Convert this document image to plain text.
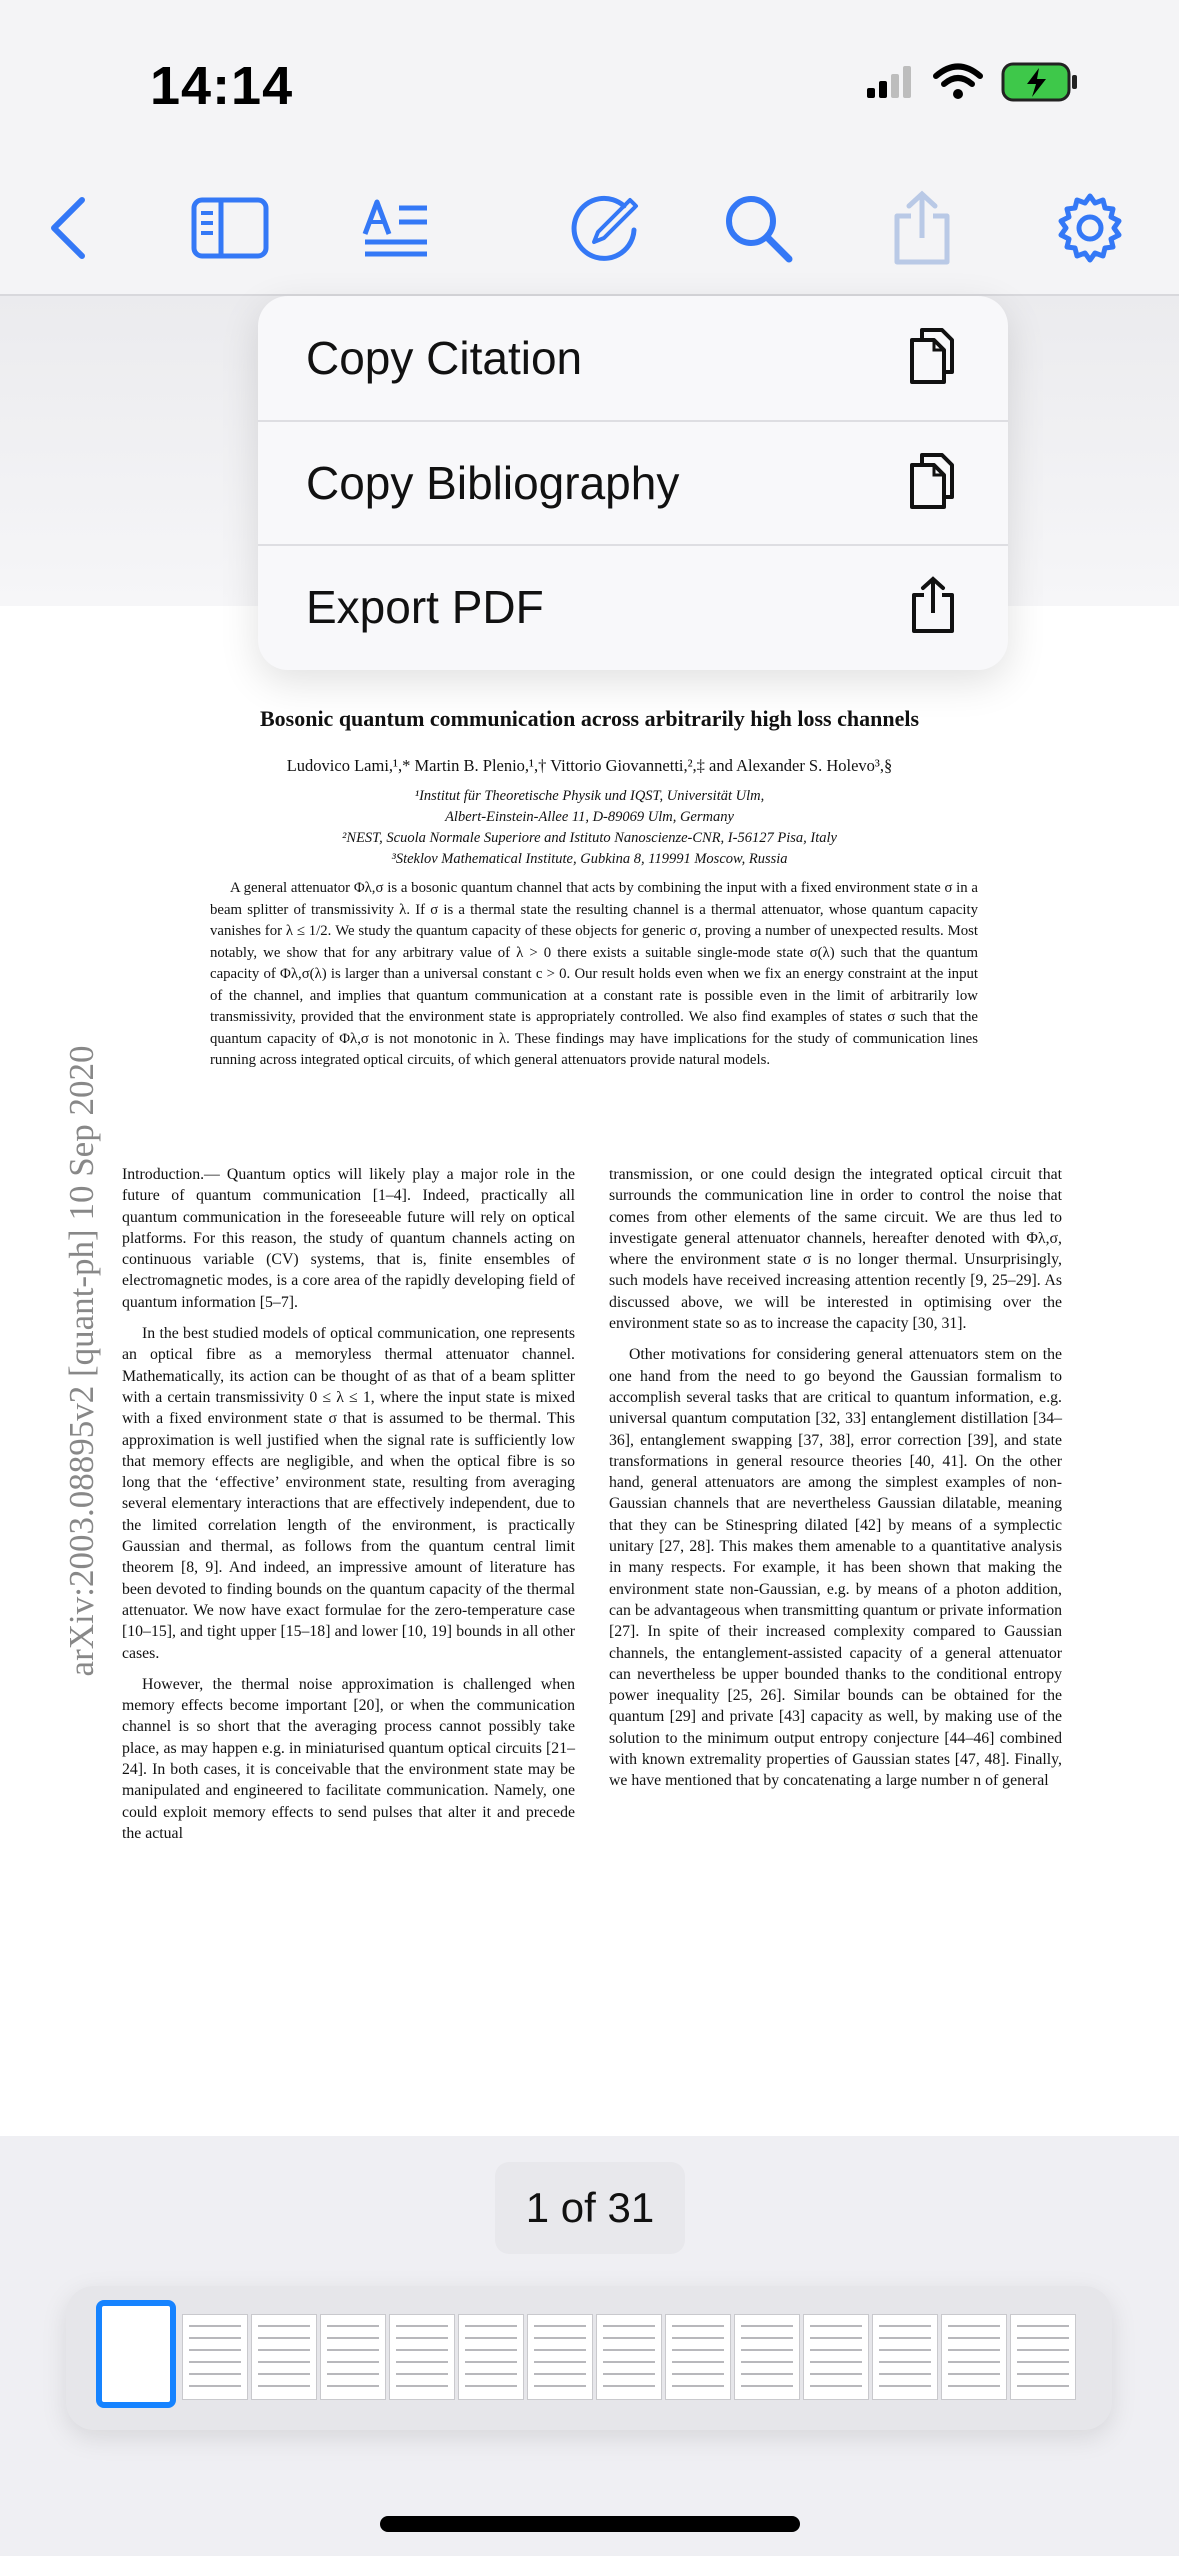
14:14
Bosonic quantum communication across arbitrarily high loss channels
Ludovico Lami,¹,* Martin B. Plenio,¹,† Vittorio Giovannetti,²,‡ and Alexander S. Holevo³,§
¹Institut für Theoretische Physik und IQST, Universität Ulm,
Albert-Einstein-Allee 11, D-89069 Ulm, Germany
²NEST, Scuola Normale Superiore and Istituto Nanoscienze-CNR, I-56127 Pisa, Italy
³Steklov Mathematical Institute, Gubkina 8, 119991 Moscow, Russia
A general attenuator Φλ,σ is a bosonic quantum channel that acts by combining the input with a fixed environment state σ in a beam splitter of transmissivity λ. If σ is a thermal state the resulting channel is a thermal attenuator, whose quantum capacity vanishes for λ ≤ 1/2. We study the quantum capacity of these objects for generic σ, proving a number of unexpected results. Most notably, we show that for any arbitrary value of λ > 0 there exists a suitable single-mode state σ(λ) such that the quantum capacity of Φλ,σ(λ) is larger than a universal constant c > 0. Our result holds even when we fix an energy constraint at the input of the channel, and implies that quantum communication at a constant rate is possible even in the limit of arbitrarily low transmissivity, provided that the environment state is appropriately controlled. We also find examples of states σ such that the quantum capacity of Φλ,σ is not monotonic in λ. These findings may have implications for the study of communication lines running across integrated optical circuits, of which general attenuators provide natural models.

Introduction.— Quantum optics will likely play a major role in the future of quantum communication [1–4]. Indeed, practically all quantum communication in the foreseeable future will rely on optical platforms. For this reason, the study of quantum channels acting on continuous variable (CV) systems, that is, finite ensembles of electromagnetic modes, is a core area of the rapidly developing field of quantum information [5–7].

In the best studied models of optical communication, one represents an optical fibre as a memoryless thermal attenuator channel. Mathematically, its action can be thought of as that of a beam splitter with a certain transmissivity 0 ≤ λ ≤ 1, where the input state is mixed with a fixed environment state σ that is assumed to be thermal. This approximation is well justified when the signal rate is sufficiently low that memory effects are negligible, and when the optical fibre is so long that the ‘effective’ environment state, resulting from averaging several elementary interactions that are effectively independent, due to the limited correlation length of the environment, is practically Gaussian and thermal, as follows from the quantum central limit theorem [8, 9]. And indeed, an impressive amount of literature has been devoted to finding bounds on the quantum capacity of the thermal attenuator. We now have exact formulae for the zero-temperature case [10–15], and tight upper [15–18] and lower [10, 19] bounds in all other cases.

However, the thermal noise approximation is challenged when memory effects become important [20], or when the communication channel is so short that the averaging process cannot possibly take place, as may happen e.g. in miniaturised quantum optical circuits [21–24]. In both cases, it is conceivable that the environment state may be manipulated and engineered to facilitate communication. Namely, one could exploit memory effects to send pulses that alter it and precede the actual

transmission, or one could design the integrated optical circuit that surrounds the communication line in order to control the noise that comes from other elements of the same circuit. We are thus led to investigate general attenuator channels, hereafter denoted with Φλ,σ, where the environment state σ is no longer thermal. Unsurprisingly, such models have received increasing attention recently [9, 25–29]. As discussed above, we will be interested in optimising over the environment state so as to increase the capacity [30, 31].

Other motivations for considering general attenuators stem on the one hand from the need to go beyond the Gaussian formalism to accomplish several tasks that are critical to quantum information, e.g. universal quantum computation [32, 33] entanglement distillation [34–36], entanglement swapping [37, 38], error correction [39], and state transformations in general resource theories [40, 41]. On the other hand, general attenuators are among the simplest examples of non-Gaussian channels that are nevertheless Gaussian dilatable, meaning that they can be Stinespring dilated [42] by means of a symplectic unitary [27, 28]. This makes them amenable to a quantitative analysis in many respects. For example, it has been shown that making the environment state non-Gaussian, e.g. by means of a photon addition, can be advantageous when transmitting quantum or private information [27]. In spite of their increased complexity compared to Gaussian channels, the entanglement-assisted capacity of a general attenuator can nevertheless be upper bounded thanks to the conditional entropy power inequality [25, 26]. Similar bounds can be obtained for the quantum [29] and private [43] capacity as well, by making use of the solution to the minimum output entropy conjecture [44–46] combined with known extremality properties of Gaussian states [47, 48]. Finally, we have mentioned that by concatenating a large number n of general

arXiv:2003.08895v2 [quant-ph] 10 Sep 2020
Copy Citation
Copy Bibliography
Export PDF
1 of 31
